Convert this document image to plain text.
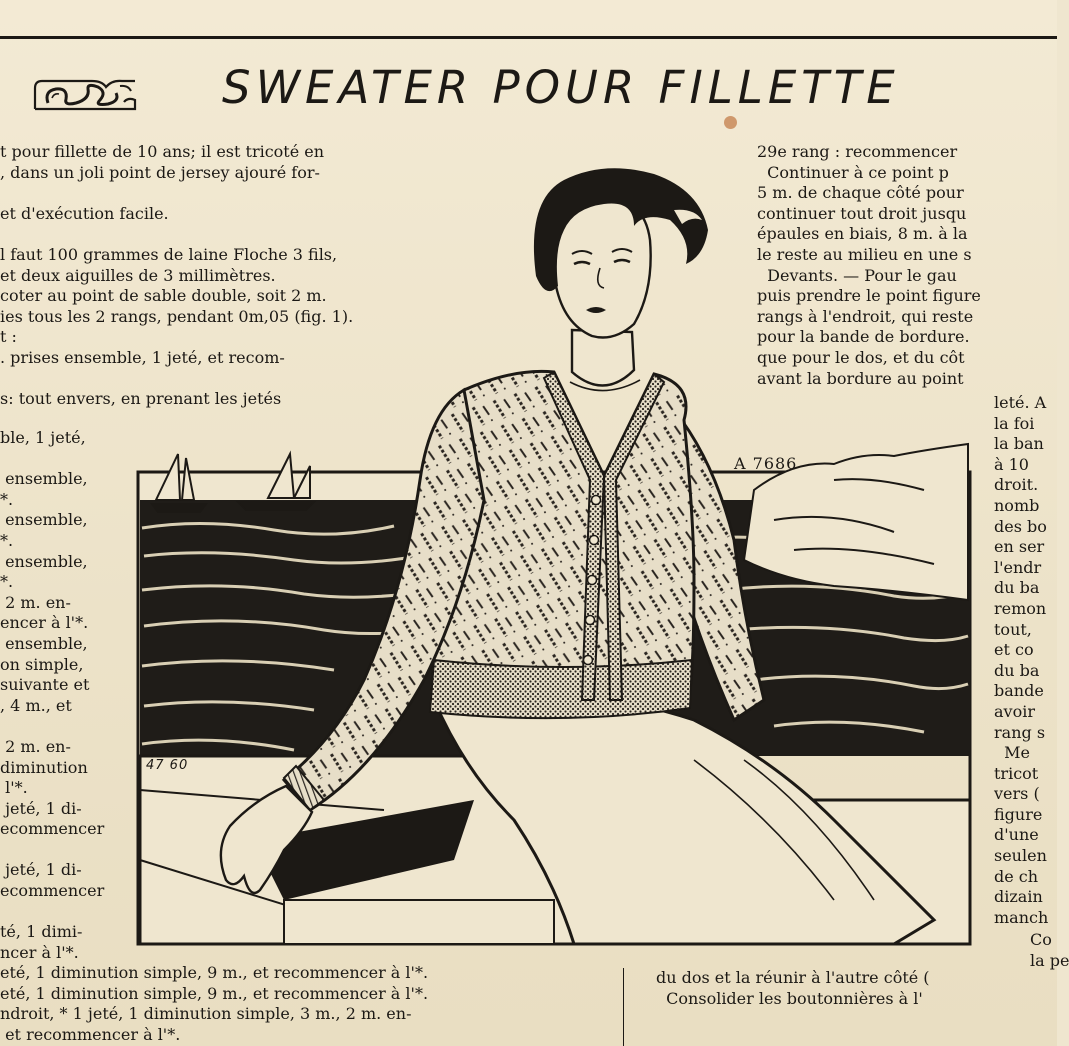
SWEATER POUR FILLETTE
t pour fillette de 10 ans; il est tricoté en
, dans un joli point de jersey ajouré for-

et d'exécution facile.

l faut 100 grammes de laine Floche 3 fils,
et deux aiguilles de 3 millimètres.
coter au point de sable double, soit 2 m.
ies tous les 2 rangs, pendant 0m,05 (fig. 1).
t :
. prises ensemble, 1 jeté, et recom-

s: tout envers, en prenant les jetés
ble, 1 jeté,

ensemble,
*.
ensemble,
*.
ensemble,
*.
2 m. en-
encer à l'*.
ensemble,
on simple,
suivante et
, 4 m., et

2 m. en-
diminution
l'*.
jeté, 1 di-
ecommencer

jeté, 1 di-
ecommencer

té, 1 dimi-
ncer à l'*.
29e rang : recommencer
Continuer à ce point p
5 m. de chaque côté pour
continuer tout droit jusqu
épaules en biais, 8 m. à la
le reste au milieu en une s
Devants. — Pour le gau
puis prendre le point figure
rangs à l'endroit, qui reste
pour la bande de bordure.
que pour le dos, et du côt
avant la bordure au point
leté. A
la foi
la ban
à 10
droit.
nomb
des bo
en ser
l'endr
du ba
remon
tout,
et co
du ba
bande
avoir
rang s
Me
tricot
vers (
figure
d'une
seulen
de ch
dizain
manch
Co
la pe
eté, 1 diminution simple, 9 m., et recommencer à l'*.
eté, 1 diminution simple, 9 m., et recommencer à l'*.
ndroit, * 1 jeté, 1 diminution simple, 3 m., 2 m. en-
et recommencer à l'*.
du dos et la réunir à l'autre côté (
Consolider les boutonnières à l'

A 7686

47 60
